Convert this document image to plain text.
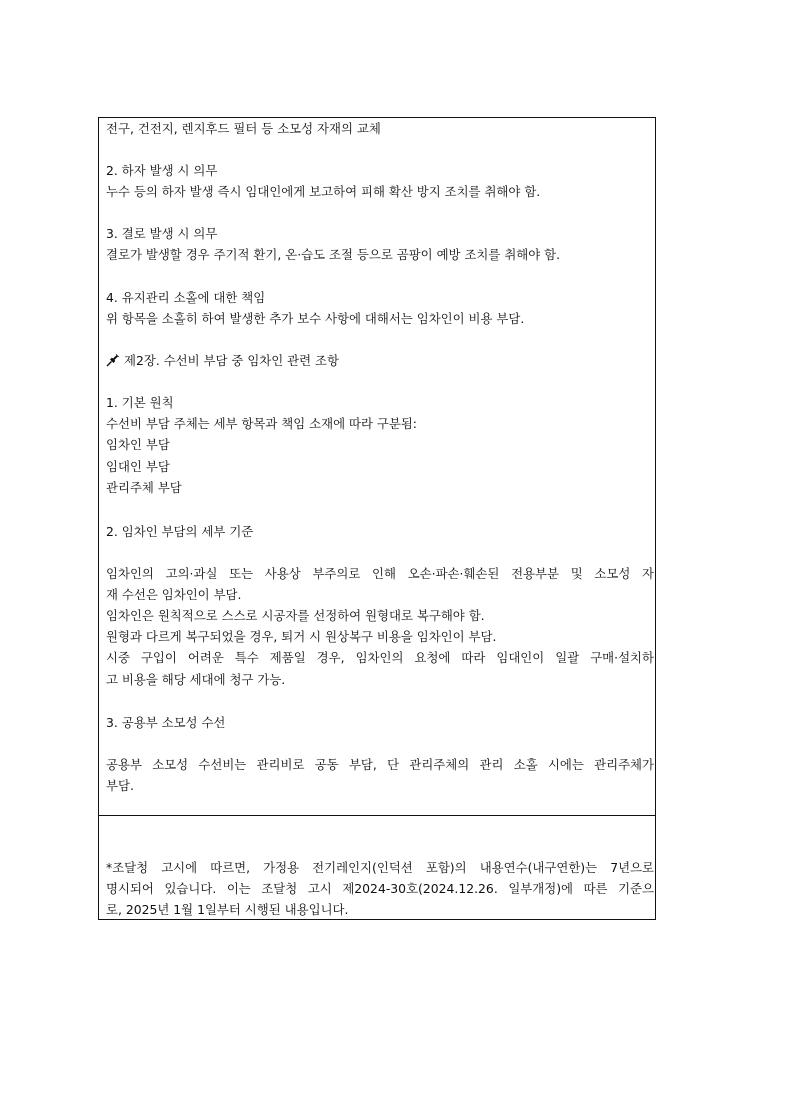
전구, 건전지, 렌지후드 필터 등 소모성 자재의 교체
2. 하자 발생 시 의무
누수 등의 하자 발생 즉시 임대인에게 보고하여 피해 확산 방지 조치를 취해야 함.
3. 결로 발생 시 의무
결로가 발생할 경우 주기적 환기, 온·습도 조절 등으로 곰팡이 예방 조치를 취해야 함.
4. 유지관리 소홀에 대한 책임
위 항목을 소홀히 하여 발생한 추가 보수 사항에 대해서는 임차인이 비용 부담.
제2장. 수선비 부담 중 임차인 관련 조항
1. 기본 원칙
수선비 부담 주체는 세부 항목과 책임 소재에 따라 구분됨:
임차인 부담
임대인 부담
관리주체 부담
2. 임차인 부담의 세부 기준
임차인의 고의·과실 또는 사용상 부주의로 인해 오손·파손·훼손된 전용부분 및 소모성 자
재 수선은 임차인이 부담.
임차인은 원칙적으로 스스로 시공자를 선정하여 원형대로 복구해야 함.
원형과 다르게 복구되었을 경우, 퇴거 시 원상복구 비용을 임차인이 부담.
시중 구입이 어려운 특수 제품일 경우, 임차인의 요청에 따라 임대인이 일괄 구매·설치하
고 비용을 해당 세대에 청구 가능.
3. 공용부 소모성 수선
공용부 소모성 수선비는 관리비로 공동 부담, 단 관리주체의 관리 소홀 시에는 관리주체가
부담.
*조달청 고시에 따르면, 가정용 전기레인지(인덕션 포함)의 내용연수(내구연한)는 7년으로
명시되어 있습니다. 이는 조달청 고시 제2024-30호(2024.12.26. 일부개정)에 따른 기준으
로, 2025년 1월 1일부터 시행된 내용입니다.
